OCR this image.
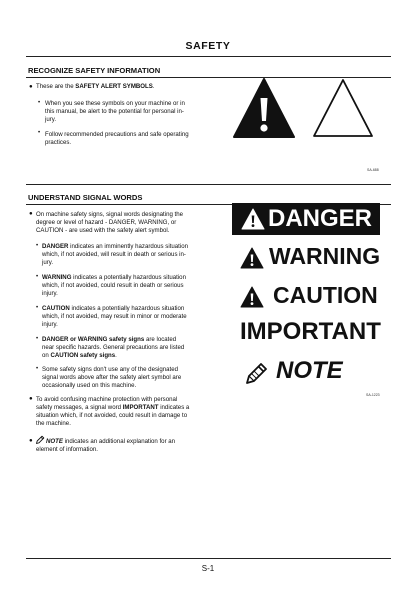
SAFETY
RECOGNIZE SAFETY INFORMATION
● These are the SAFETY ALERT SYMBOLS.
• When you see these symbols on your machine or in
this manual, be alert to the potential for personal in-
jury.
• Follow recommended precautions and safe operating
practices.
SA-688
UNDERSTAND SIGNAL WORDS
● On machine safety signs, signal words designating the
degree or level of hazard - DANGER, WARNING, or
CAUTION - are used with the safety alert symbol.
• DANGER indicates an imminently hazardous situation
which, if not avoided, will result in death or serious in-
jury.
• WARNING indicates a potentially hazardous situation
which, if not avoided, could result in death or serious
injury.
• CAUTION indicates a potentially hazardous situation
which, if not avoided, may result in minor or moderate
injury.
• DANGER or WARNING safety signs are located
near specific hazards. General precautions are listed
on CAUTION safety signs.
• Some safety signs don't use any of the designated
signal words above after the safety alert symbol are
occasionally used on this machine.
● To avoid confusing machine protection with personal
safety messages, a signal word IMPORTANT indicates a
situation which, if not avoided, could result in damage to
the machine.
● NOTE indicates an additional explanation for an
element of information.
DANGER
WARNING
CAUTION
IMPORTANT
NOTE
SA-1223
S-1
